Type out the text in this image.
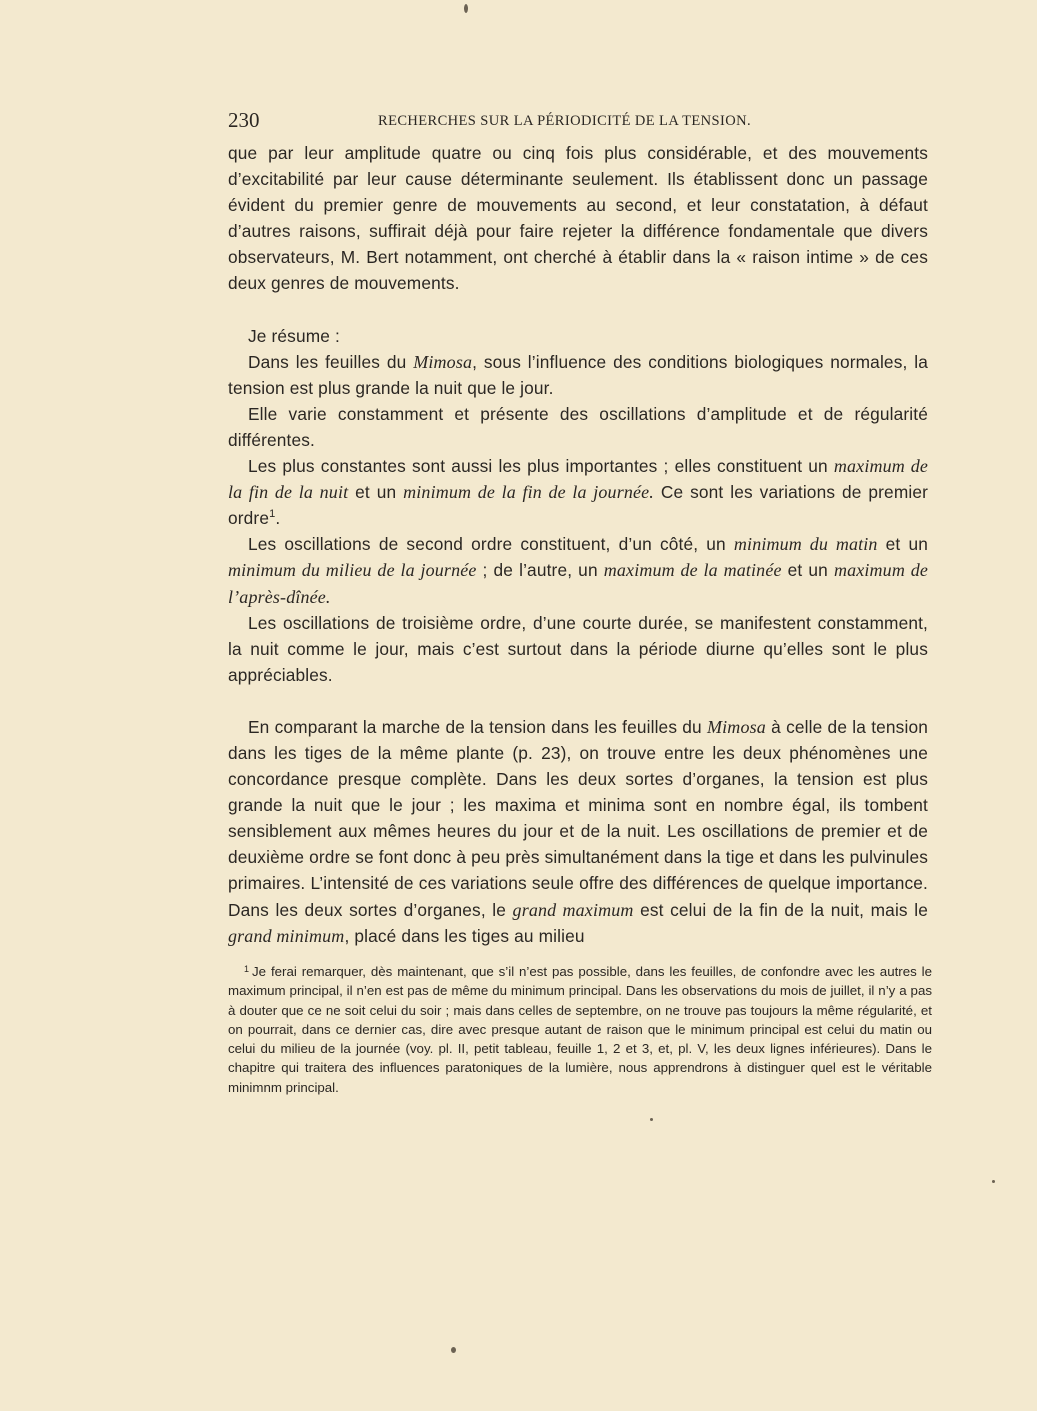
230	RECHERCHES SUR LA PÉRIODICITÉ DE LA TENSION.

que par leur amplitude quatre ou cinq fois plus considérable, et des mouvements d’excitabilité par leur cause déterminante seulement. Ils établissent donc un passage évident du premier genre de mouvements au second, et leur constatation, à défaut d’autres raisons, suffirait déjà pour faire rejeter la différence fondamentale que divers observateurs, M. Bert notamment, ont cherché à établir dans la « raison intime » de ces deux genres de mouvements.

Je résume :

Dans les feuilles du Mimosa, sous l’influence des conditions biologiques normales, la tension est plus grande la nuit que le jour.

Elle varie constamment et présente des oscillations d’amplitude et de régularité différentes.

Les plus constantes sont aussi les plus importantes ; elles constituent un maximum de la fin de la nuit et un minimum de la fin de la journée. Ce sont les variations de premier ordre$^1$.

Les oscillations de second ordre constituent, d’un côté, un minimum du matin et un minimum du milieu de la journée ; de l’autre, un maximum de la matinée et un maximum de l’après-dînée.

Les oscillations de troisième ordre, d’une courte durée, se manifestent constamment, la nuit comme le jour, mais c’est surtout dans la période diurne qu’elles sont le plus appréciables.

En comparant la marche de la tension dans les feuilles du Mimosa à celle de la tension dans les tiges de la même plante (p. 23), on trouve entre les deux phénomènes une concordance presque complète. Dans les deux sortes d’organes, la tension est plus grande la nuit que le jour ; les maxima et minima sont en nombre égal, ils tombent sensiblement aux mêmes heures du jour et de la nuit. Les oscillations de premier et de deuxième ordre se font donc à peu près simultanément dans la tige et dans les pulvinules primaires. L’intensité de ces variations seule offre des différences de quelque importance. Dans les deux sortes d’organes, le grand maximum est celui de la fin de la nuit, mais le grand minimum, placé dans les tiges au milieu

$^1$ Je ferai remarquer, dès maintenant, que s’il n’est pas possible, dans les feuilles, de confondre avec les autres le maximum principal, il n’en est pas de même du minimum principal. Dans les observations du mois de juillet, il n’y a pas à douter que ce ne soit celui du soir ; mais dans celles de septembre, on ne trouve pas toujours la même régularité, et on pourrait, dans ce dernier cas, dire avec presque autant de raison que le minimum principal est celui du matin ou celui du milieu de la journée (voy. pl. II, petit tableau, feuille 1, 2 et 3, et, pl. V, les deux lignes inférieures). Dans le chapitre qui traitera des influences paratoniques de la lumière, nous apprendrons à distinguer quel est le véritable minimnm principal.
